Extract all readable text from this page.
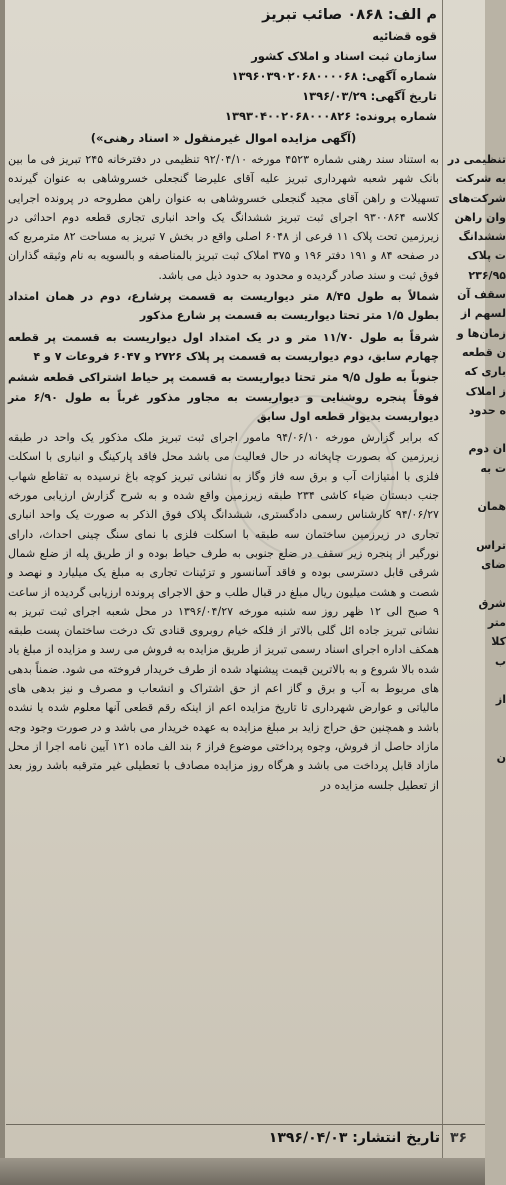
م الف: ۰۸۶۸ صائب تبریز
قوه قضائیه
سازمان ثبت اسناد و املاک کشور
شماره آگهی: ۱۳۹۶۰۳۹۰۲۰۶۸۰۰۰۰۶۸
تاریخ آگهی: ۱۳۹۶/۰۳/۲۹
شماره پرونده: ۱۳۹۳۰۴۰۰۲۰۶۸۰۰۰۸۲۶
(آگهی مزایده اموال غیرمنقول « اسناد رهنی»)

به استناد سند رهنی شماره ۴۵۲۳ مورخه ۹۲/۰۴/۱۰ تنظیمی در دفترخانه ۲۴۵ تبریز فی ما بین بانک شهر شعبه شهرداری تبریز علیه آقای علیرضا گنجعلی خسروشاهی به عنوان گیرنده تسهیلات و راهن آقای مجید گنجعلی خسروشاهی به عنوان راهن مطروحه در پرونده اجرایی کلاسه ۹۳۰۰۸۶۴ اجرای ثبت تبریز ششدانگ یک واحد انباری تجاری قطعه دوم احداثی در زیرزمین تحت پلاک ۱۱ فرعی از ۶۰۴۸ اصلی واقع در بخش ۷ تبریز به مساحت ۸۲ مترمربع که در صفحه ۸۴ و ۱۹۱ دفتر ۱۹۶ و ۳۷۵ املاک ثبت تبریز بالمناصفه و بالسویه به نام وثیقه گذاران فوق ثبت و سند صادر گردیده و محدود به حدود ذیل می باشد.

شمالاً به طول ۸/۴۵ متر دیواریست به قسمت پرشارع، دوم در همان امتداد بطول ۱/۵ متر تحتا دیواریست به قسمت پر شارع مذکور

شرقاً به طول ۱۱/۷۰ متر و در یک امتداد اول دیواریست به قسمت پر قطعه چهارم سابق، دوم دیواریست به قسمت پر پلاک ۲۷۲۶ و ۶۰۴۷ فروعات ۷ و ۴

جنوباً به طول ۹/۵ متر تحتا دیواریست به قسمت پر حیاط اشتراکی قطعه ششم فوقاً پنجره روشنایی و دیواریست به مجاور مذکور غرباً به طول ۶/۹۰ متر دیواریست بدیوار قطعه اول سابق

که برابر گزارش مورخه ۹۴/۰۶/۱۰ مامور اجرای ثبت تبریز ملک مذکور یک واحد در طبقه زیرزمین که بصورت چاپخانه در حال فعالیت می باشد محل فاقد پارکینگ و انباری با اسکلت فلزی با امتیازات آب و برق سه فاز وگاز به نشانی تبریز کوچه باغ نرسیده به تقاطع شهاب جنب دبستان ضیاء کاشی ۲۳۴ طبقه زیرزمین واقع شده و به شرح گزارش ارزیابی مورخه ۹۴/۰۶/۲۷ کارشناس رسمی دادگستری، ششدانگ پلاک فوق الذکر به صورت یک واحد انباری تجاری در زیرزمین ساختمان سه طبقه با اسکلت فلزی با نمای سنگ چینی احداث، دارای نورگیر از پنجره زیر سقف در ضلع جنوبی به طرف حیاط بوده و از طریق پله از ضلع شمال شرقی قابل دسترسی بوده و فاقد آسانسور و تزئینات تجاری به مبلغ یک میلیارد و نهصد و شصت و هشت میلیون ریال مبلغ در قبال طلب و حق الاجرای پرونده ارزیابی گردیده از ساعت ۹ صبح الی ۱۲ ظهر روز سه شنبه مورخه ۱۳۹۶/۰۴/۲۷ در محل شعبه اجرای ثبت تبریز به نشانی تبریز جاده ائل گلی بالاتر از فلکه خیام روبروی قنادی تک درخت ساختمان پست طبقه همکف اداره اجرای اسناد رسمی تبریز از طریق مزایده به فروش می رسد و مزایده از مبلغ یاد شده بالا شروع و به بالاترین قیمت پیشنهاد شده از طرف خریدار فروخته می شود. ضمناً بدهی های مربوط به آب و برق و گاز اعم از حق اشتراک و انشعاب و مصرف و نیز بدهی های مالیاتی و عوارض شهرداری تا تاریخ مزایده اعم از اینکه رقم قطعی آنها معلوم شده یا نشده باشد و همچنین حق حراج زاید بر مبلغ مزایده به عهده خریدار می باشد و در صورت وجود وجه مازاد حاصل از فروش، وجوه پرداختی موضوع فراز ۶ بند الف ماده ۱۲۱ آیین نامه اجرا از محل مازاد قابل پرداخت می باشد و هرگاه روز مزایده مصادف با تعطیلی غیر مترقبه باشد روز بعد از تعطیل جلسه مزایده در

تنظیمی در
به شرکت
شرکت‌های
وان راهن
ششدانگ
ت پلاک
۲۳۶/۹۵
سقف آن
لسهم از
زمان‌ها و
ن قطعه
باری که
ز املاک
ه حدود

ان دوم
ت به

همان

تراس
ضای

شرق
متر
کلا
ب

از

ن
تاریخ انتشار: ۱۳۹۶/۰۴/۰۳	۳۶
